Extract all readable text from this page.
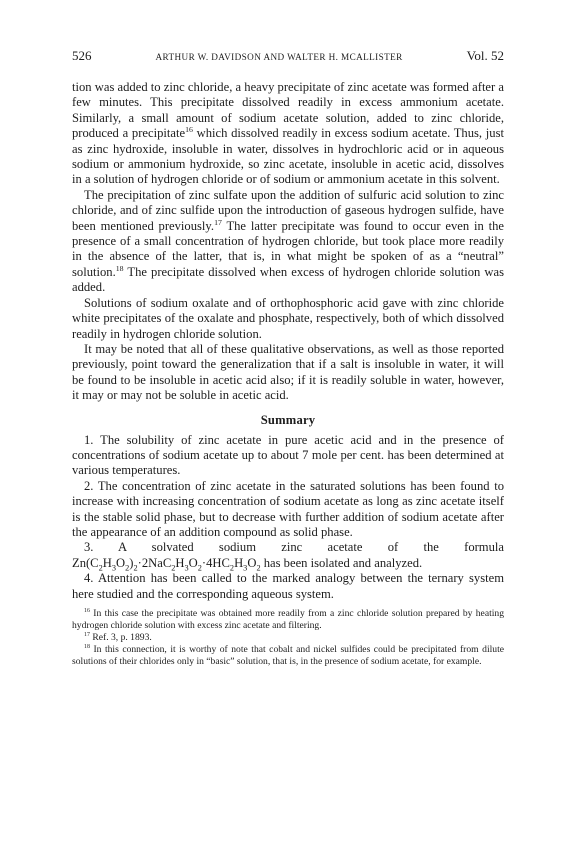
526	ARTHUR W. DAVIDSON AND WALTER H. MCALLISTER	Vol. 52

tion was added to zinc chloride, a heavy precipitate of zinc acetate was formed after a few minutes. This precipitate dissolved readily in excess ammonium acetate. Similarly, a small amount of sodium acetate solution, added to zinc chloride, produced a precipitate$^{16}$ which dissolved readily in excess sodium acetate. Thus, just as zinc hydroxide, insoluble in water, dissolves in hydrochloric acid or in aqueous sodium or ammonium hydroxide, so zinc acetate, insoluble in acetic acid, dissolves in a solution of hydrogen chloride or of sodium or ammonium acetate in this solvent.

The precipitation of zinc sulfate upon the addition of sulfuric acid solution to zinc chloride, and of zinc sulfide upon the introduction of gaseous hydrogen sulfide, have been mentioned previously.$^{17}$ The latter precipitate was found to occur even in the presence of a small concentration of hydrogen chloride, but took place more readily in the absence of the latter, that is, in what might be spoken of as a “neutral” solution.$^{18}$ The precipitate dissolved when excess of hydrogen chloride solution was added.

Solutions of sodium oxalate and of orthophosphoric acid gave with zinc chloride white precipitates of the oxalate and phosphate, respectively, both of which dissolved readily in hydrogen chloride solution.

It may be noted that all of these qualitative observations, as well as those reported previously, point toward the generalization that if a salt is insoluble in water, it will be found to be insoluble in acetic acid also; if it is readily soluble in water, however, it may or may not be soluble in acetic acid.

Summary

1. The solubility of zinc acetate in pure acetic acid and in the presence of concentrations of sodium acetate up to about 7 mole per cent. has been determined at various temperatures.

2. The concentration of zinc acetate in the saturated solutions has been found to increase with increasing concentration of sodium acetate as long as zinc acetate itself is the stable solid phase, but to decrease with further addition of sodium acetate after the appearance of an addition compound as solid phase.

3. A solvated sodium zinc acetate of the formula $Zn(C_2H_3O_2)_2\cdot 2NaC_2H_3O_2\cdot 4HC_2H_3O_2$ has been isolated and analyzed.

4. Attention has been called to the marked analogy between the ternary system here studied and the corresponding aqueous system.

$^{16}$ In this case the precipitate was obtained more readily from a zinc chloride solution prepared by heating hydrogen chloride solution with excess zinc acetate and filtering.

$^{17}$ Ref. 3, p. 1893.

$^{18}$ In this connection, it is worthy of note that cobalt and nickel sulfides could be precipitated from dilute solutions of their chlorides only in “basic” solution, that is, in the presence of sodium acetate, for example.
